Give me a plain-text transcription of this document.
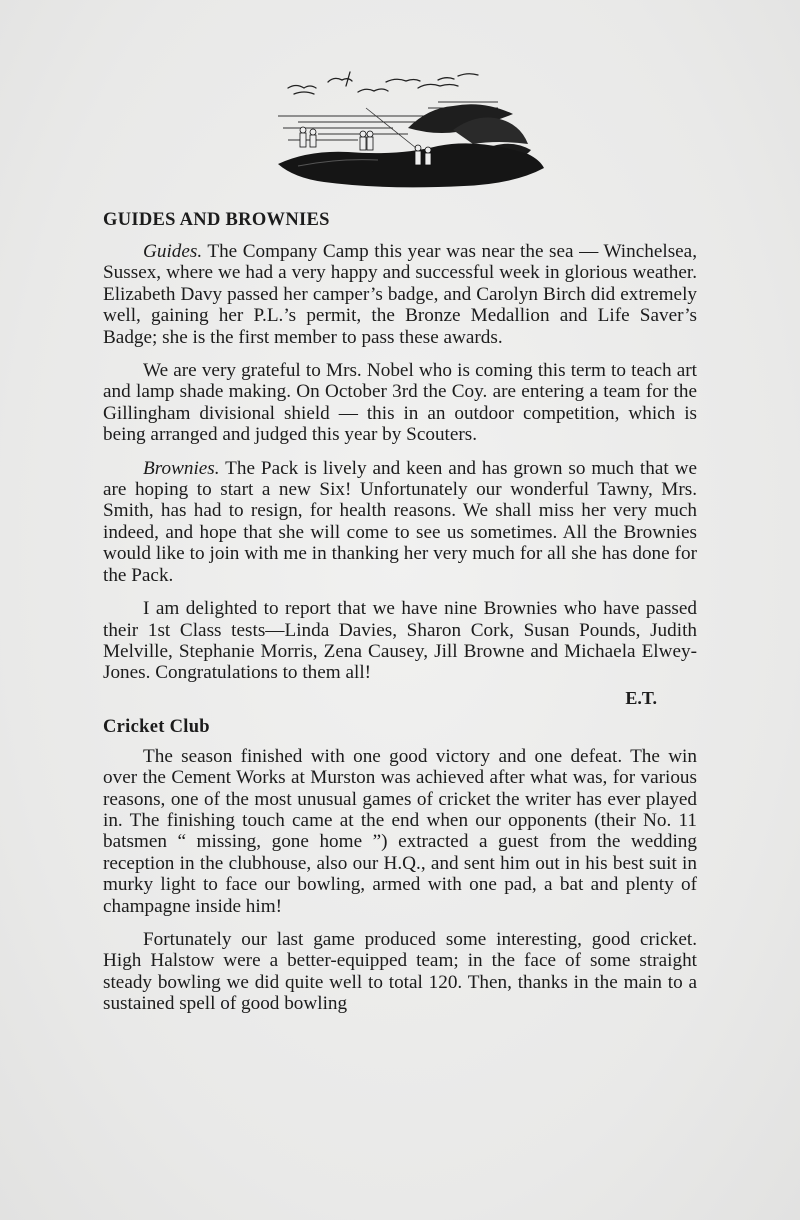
GUIDES AND BROWNIES

Guides. The Company Camp this year was near the sea — Winchelsea, Sussex, where we had a very happy and successful week in glorious weather. Elizabeth Davy passed her camper’s badge, and Carolyn Birch did extremely well, gaining her P.L.’s permit, the Bronze Medallion and Life Saver’s Badge; she is the first member to pass these awards.

We are very grateful to Mrs. Nobel who is coming this term to teach art and lamp shade making. On October 3rd the Coy. are entering a team for the Gillingham divisional shield — this in an outdoor competition, which is being arranged and judged this year by Scouters.

Brownies. The Pack is lively and keen and has grown so much that we are hoping to start a new Six! Unfortunately our wonderful Tawny, Mrs. Smith, has had to resign, for health reasons. We shall miss her very much indeed, and hope that she will come to see us sometimes. All the Brownies would like to join with me in thanking her very much for all she has done for the Pack.

I am delighted to report that we have nine Brownies who have passed their 1st Class tests—Linda Davies, Sharon Cork, Susan Pounds, Judith Melville, Stephanie Morris, Zena Causey, Jill Browne and Michaela Elwey-Jones. Congratulations to them all!

E.T.
Cricket Club

The season finished with one good victory and one defeat. The win over the Cement Works at Murston was achieved after what was, for various reasons, one of the most unusual games of cricket the writer has ever played in. The finishing touch came at the end when our opponents (their No. 11 batsmen “ missing, gone home ”) extracted a guest from the wedding reception in the clubhouse, also our H.Q., and sent him out in his best suit in murky light to face our bowling, armed with one pad, a bat and plenty of champagne inside him!

Fortunately our last game produced some interesting, good cricket. High Halstow were a better-equipped team; in the face of some straight steady bowling we did quite well to total 120. Then, thanks in the main to a sustained spell of good bowling
